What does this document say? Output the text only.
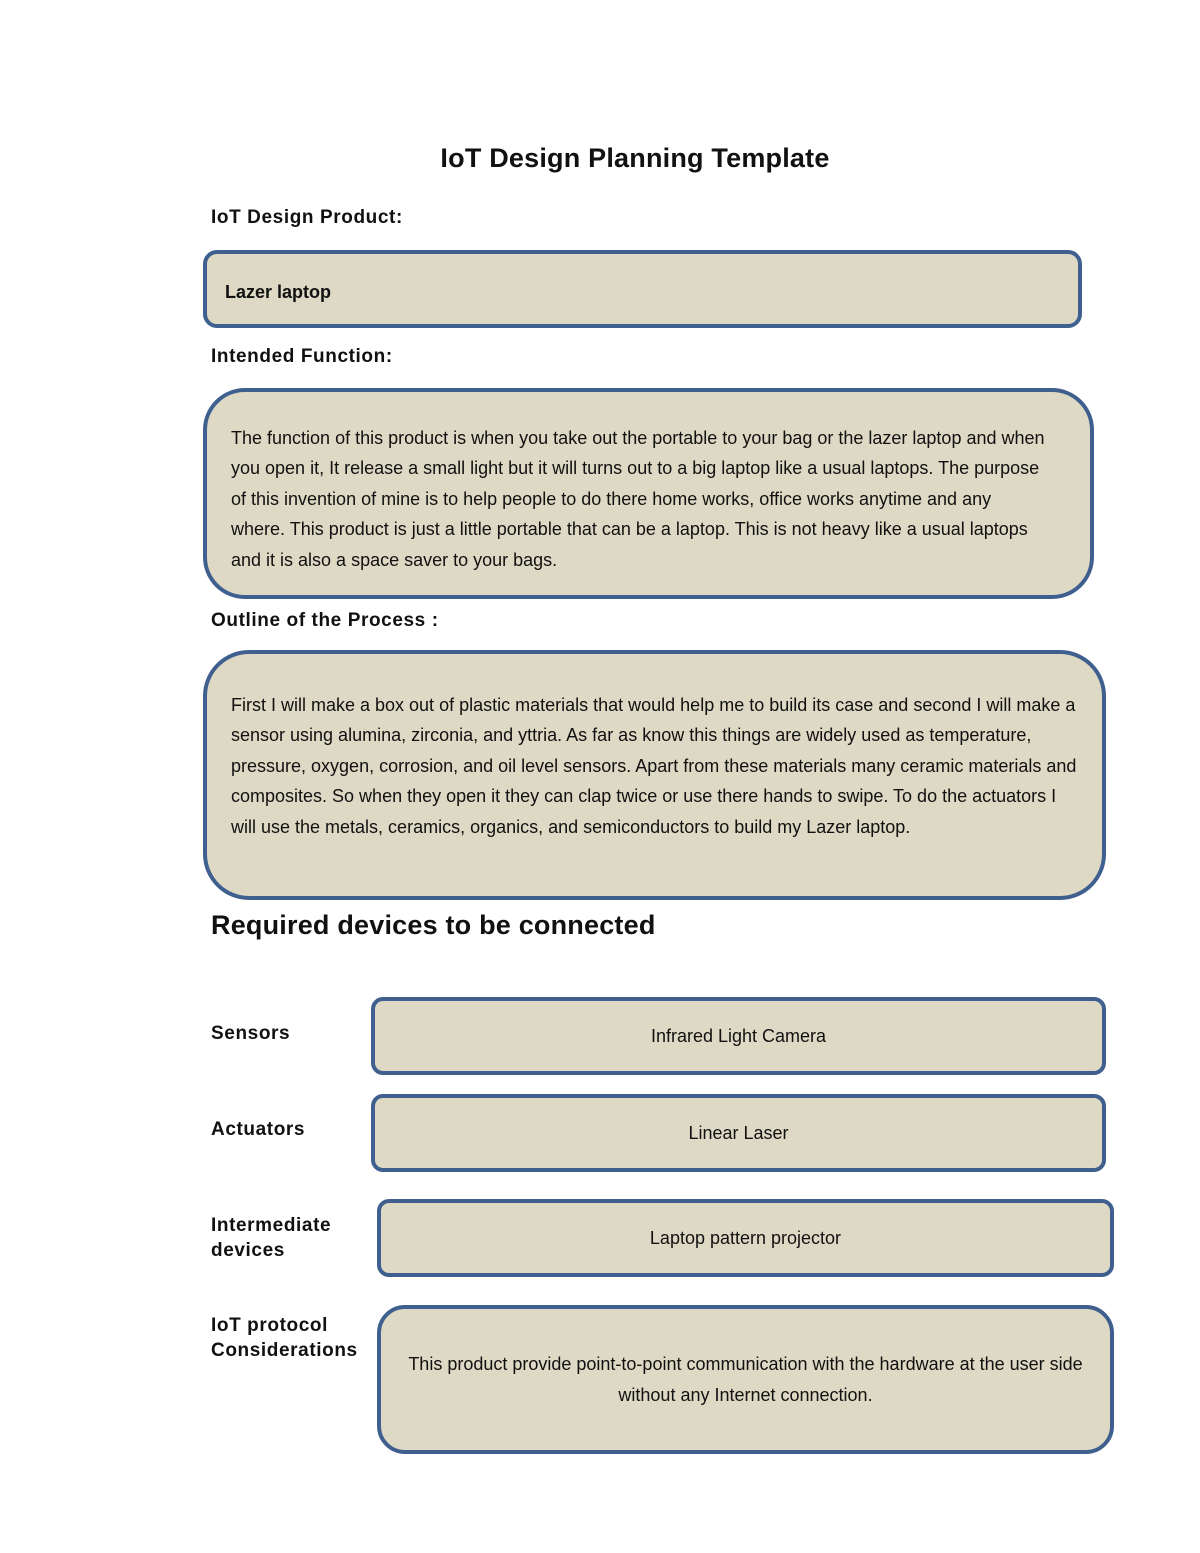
IoT Design Planning Template
IoT Design Product:
Lazer laptop
Intended Function:
The function of this product is when you take out the portable to your bag or the lazer laptop and when you open it, It release a small light but it will turns out to a big laptop like a usual laptops. The purpose of this invention of mine is to help people to do there home works, office works anytime and any where. This product is just a little portable that can be a laptop. This is not heavy like a usual laptops and it is also a space saver to your bags.
Outline of the Process :
First I will make a box out of plastic materials that would help me to build its case and second I will make a sensor using alumina, zirconia, and yttria. As far as know this things are widely used as temperature, pressure, oxygen, corrosion, and oil level sensors. Apart from these materials many ceramic materials and composites. So when they open it they can clap twice or use there hands to swipe. To do the actuators I will use the metals, ceramics, organics, and semiconductors to build my Lazer laptop.
Required devices to be connected
Sensors	Infrared Light Camera
Actuators	Linear Laser
Intermediate
devices
Laptop pattern projector
IoT protocol
Considerations
This product provide point-to-point communication with the hardware at the user side without any Internet connection.
